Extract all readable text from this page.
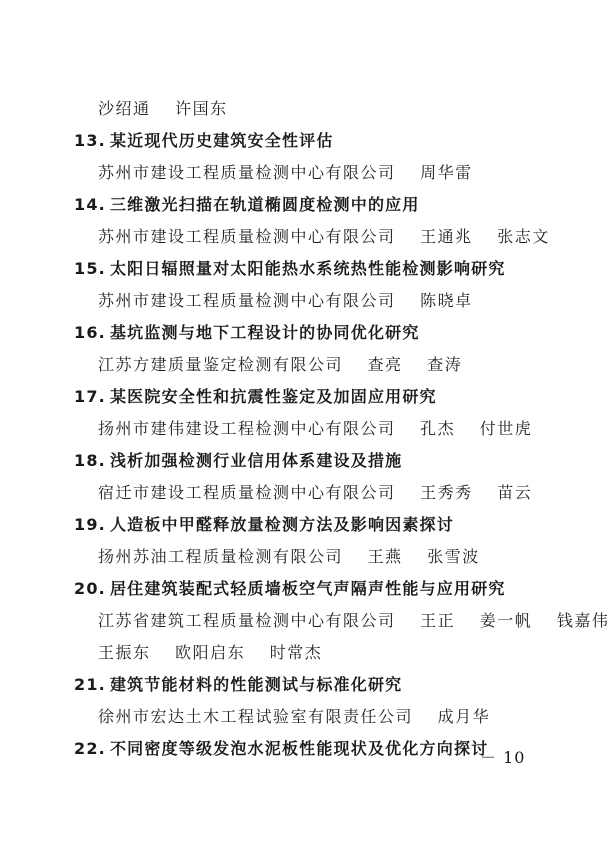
沙绍通 许国东
13. 某近现代历史建筑安全性评估
苏州市建设工程质量检测中心有限公司 周华雷
14. 三维激光扫描在轨道椭圆度检测中的应用
苏州市建设工程质量检测中心有限公司 王通兆 张志文
15. 太阳日辐照量对太阳能热水系统热性能检测影响研究
苏州市建设工程质量检测中心有限公司 陈晓卓
16. 基坑监测与地下工程设计的协同优化研究
江苏方建质量鉴定检测有限公司 查亮 查涛
17. 某医院安全性和抗震性鉴定及加固应用研究
扬州市建伟建设工程检测中心有限公司 孔杰 付世虎
18. 浅析加强检测行业信用体系建设及措施
宿迁市建设工程质量检测中心有限公司 王秀秀 苗云
19. 人造板中甲醛释放量检测方法及影响因素探讨
扬州苏油工程质量检测有限公司 王燕 张雪波
20. 居住建筑装配式轻质墙板空气声隔声性能与应用研究
江苏省建筑工程质量检测中心有限公司 王正 姜一帆 钱嘉伟
王振东 欧阳启东 时常杰
21. 建筑节能材料的性能测试与标准化研究
徐州市宏达土木工程试验室有限责任公司 成月华
22. 不同密度等级发泡水泥板性能现状及优化方向探讨
－ 10
